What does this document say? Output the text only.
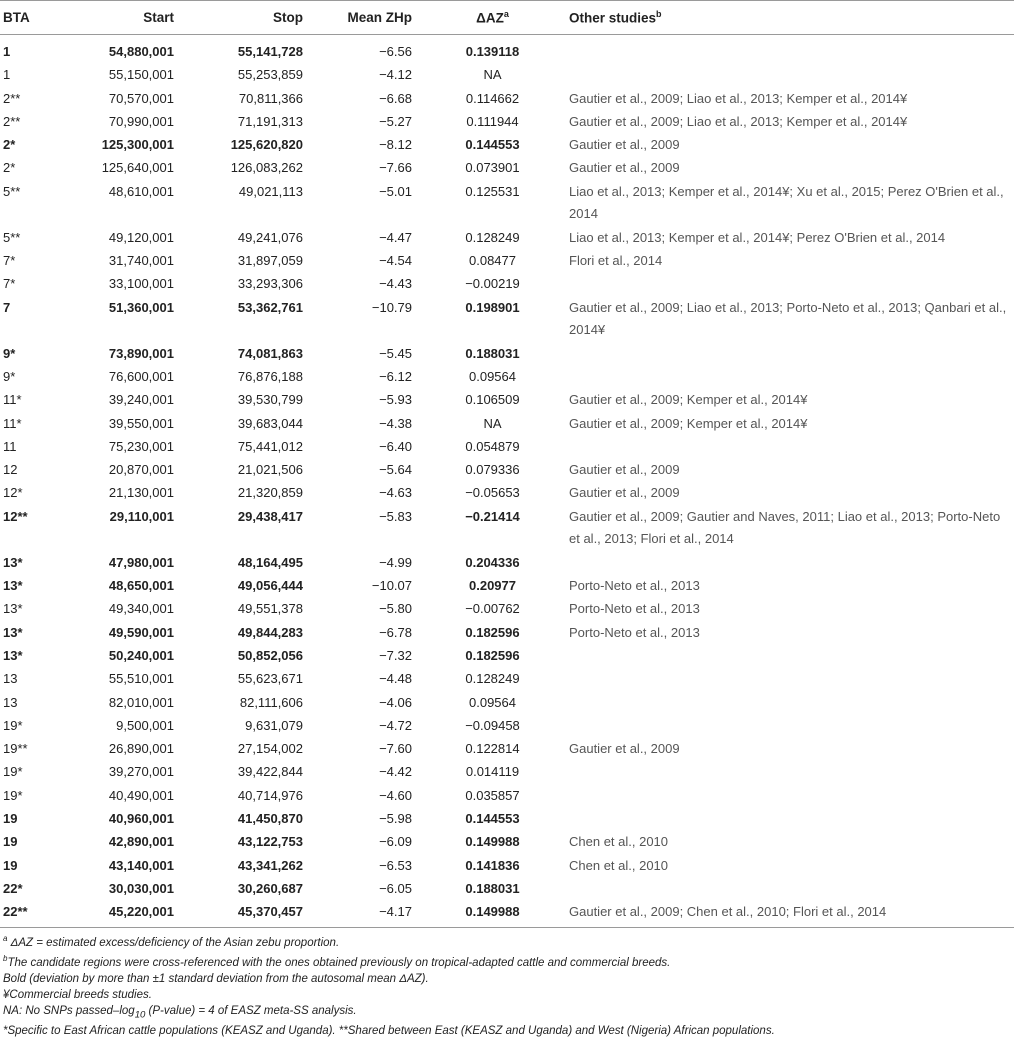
BTA	Start	Stop	Mean ZHp	ΔAZ$^a$	Other studies$^b$
1	54,880,001	55,141,728	−6.56	0.139118	
1	55,150,001	55,253,859	−4.12	NA	
2**	70,570,001	70,811,366	−6.68	0.114662	Gautier et al., 2009; Liao et al., 2013; Kemper et al., 2014¥
2**	70,990,001	71,191,313	−5.27	0.111944	Gautier et al., 2009; Liao et al., 2013; Kemper et al., 2014¥
2*	125,300,001	125,620,820	−8.12	0.144553	Gautier et al., 2009
2*	125,640,001	126,083,262	−7.66	0.073901	Gautier et al., 2009
5**	48,610,001	49,021,113	−5.01	0.125531	Liao et al., 2013; Kemper et al., 2014¥; Xu et al., 2015; Perez O'Brien et al., 2014
5**	49,120,001	49,241,076	−4.47	0.128249	Liao et al., 2013; Kemper et al., 2014¥; Perez O'Brien et al., 2014
7*	31,740,001	31,897,059	−4.54	0.08477	Flori et al., 2014
7*	33,100,001	33,293,306	−4.43	−0.00219	
7	51,360,001	53,362,761	−10.79	0.198901	Gautier et al., 2009; Liao et al., 2013; Porto-Neto et al., 2013; Qanbari et al., 2014¥
9*	73,890,001	74,081,863	−5.45	0.188031	
9*	76,600,001	76,876,188	−6.12	0.09564	
11*	39,240,001	39,530,799	−5.93	0.106509	Gautier et al., 2009; Kemper et al., 2014¥
11*	39,550,001	39,683,044	−4.38	NA	Gautier et al., 2009; Kemper et al., 2014¥
11	75,230,001	75,441,012	−6.40	0.054879	
12	20,870,001	21,021,506	−5.64	0.079336	Gautier et al., 2009
12*	21,130,001	21,320,859	−4.63	−0.05653	Gautier et al., 2009
12**	29,110,001	29,438,417	−5.83	−0.21414	Gautier et al., 2009; Gautier and Naves, 2011; Liao et al., 2013; Porto-Neto et al., 2013; Flori et al., 2014
13*	47,980,001	48,164,495	−4.99	0.204336	
13*	48,650,001	49,056,444	−10.07	0.20977	Porto-Neto et al., 2013
13*	49,340,001	49,551,378	−5.80	−0.00762	Porto-Neto et al., 2013
13*	49,590,001	49,844,283	−6.78	0.182596	Porto-Neto et al., 2013
13*	50,240,001	50,852,056	−7.32	0.182596	
13	55,510,001	55,623,671	−4.48	0.128249	
13	82,010,001	82,111,606	−4.06	0.09564	
19*	9,500,001	9,631,079	−4.72	−0.09458	
19**	26,890,001	27,154,002	−7.60	0.122814	Gautier et al., 2009
19*	39,270,001	39,422,844	−4.42	0.014119	
19*	40,490,001	40,714,976	−4.60	0.035857	
19	40,960,001	41,450,870	−5.98	0.144553	
19	42,890,001	43,122,753	−6.09	0.149988	Chen et al., 2010
19	43,140,001	43,341,262	−6.53	0.141836	Chen et al., 2010
22*	30,030,001	30,260,687	−6.05	0.188031	
22**	45,220,001	45,370,457	−4.17	0.149988	Gautier et al., 2009; Chen et al., 2010; Flori et al., 2014
$^a$ ΔAZ = estimated excess/deficiency of the Asian zebu proportion.
$^b$The candidate regions were cross-referenced with the ones obtained previously on tropical-adapted cattle and commercial breeds.
Bold (deviation by more than ±1 standard deviation from the autosomal mean ΔAZ).
¥Commercial breeds studies.
NA: No SNPs passed–$\log_{10}$ (P-value) = 4 of EASZ meta-SS analysis.
*Specific to East African cattle populations (KEASZ and Uganda). **Shared between East (KEASZ and Uganda) and West (Nigeria) African populations.
